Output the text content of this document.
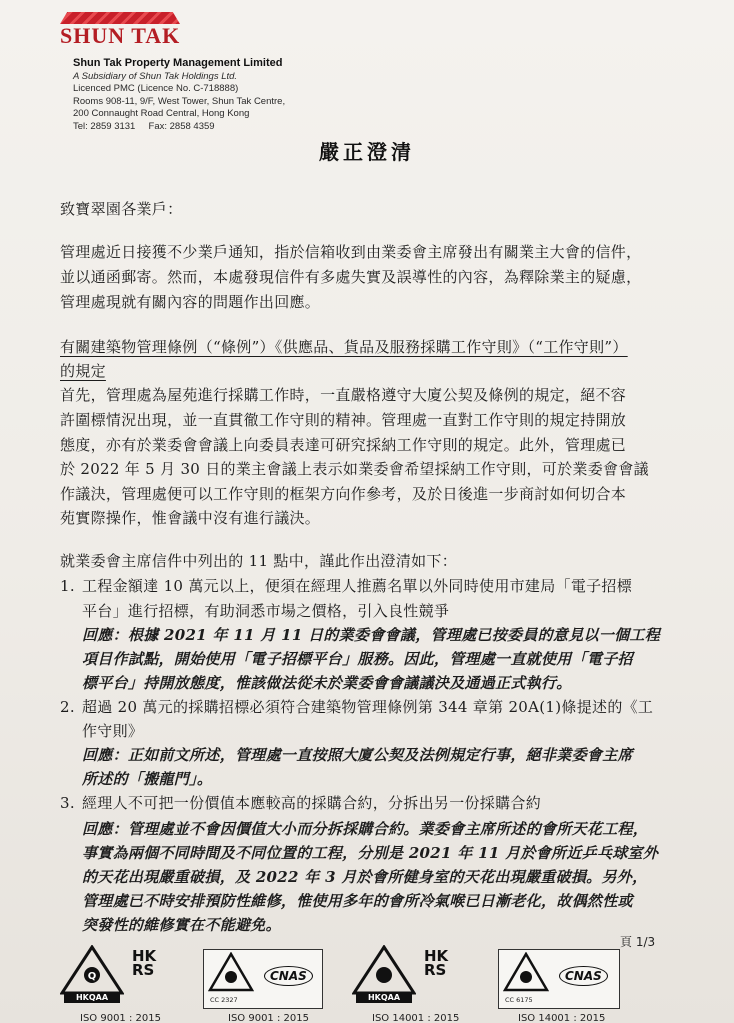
SHUN TAK
Shun Tak Property Management Limited
A Subsidiary of Shun Tak Holdings Ltd.
Licenced PMC (Licence No. C-718888)
Rooms 908-11, 9/F, West Tower, Shun Tak Centre,
200 Connaught Road Central, Hong Kong
Tel: 2859 3131     Fax: 2858 4359
嚴正澄清
致寶翠園各業戶：
管理處近日接獲不少業戶通知，指於信箱收到由業委會主席發出有關業主大會的信件，
並以通函郵寄。然而，本處發現信件有多處失實及誤導性的內容，為釋除業主的疑慮，
管理處現就有關內容的問題作出回應。
有關建築物管理條例（“條例”）《供應品、貨品及服務採購工作守則》（“工作守則”）
的規定
首先，管理處為屋苑進行採購工作時，一直嚴格遵守大廈公契及條例的規定，絕不容
許圍標情況出現，並一直貫徹工作守則的精神。管理處一直對工作守則的規定持開放
態度，亦有於業委會會議上向委員表達可研究採納工作守則的規定。此外，管理處已
於 2022 年 5 月 30 日的業主會議上表示如業委會希望採納工作守則，可於業委會會議
作議決，管理處便可以工作守則的框架方向作參考，及於日後進一步商討如何切合本
苑實際操作，惟會議中沒有進行議決。
就業委會主席信件中列出的 11 點中，謹此作出澄清如下：
1. 工程金額達 10 萬元以上，便須在經理人推薦名單以外同時使用市建局「電子招標
平台」進行招標，有助洞悉市場之價格，引入良性競爭
回應：根據 2021 年 11 月 11 日的業委會會議，管理處已按委員的意見以一個工程
項目作試點，開始使用「電子招標平台」服務。因此，管理處一直就使用「電子招
標平台」持開放態度，惟該做法從未於業委會會議議決及通過正式執行。
2. 超過 20 萬元的採購招標必須符合建築物管理條例第 344 章第 20A(1)條提述的《工
作守則》
回應：正如前文所述，管理處一直按照大廈公契及法例規定行事，絕非業委會主席
所述的「搬龍門」。
3. 經理人不可把一份價值本應較高的採購合約，分拆出另一份採購合約
回應：管理處並不會因價值大小而分拆採購合約。業委會主席所述的會所天花工程，
事實為兩個不同時間及不同位置的工程，分別是 2021 年 11 月於會所近乒乓球室外
的天花出現嚴重破損，及 2022 年 3 月於會所健身室的天花出現嚴重破損。另外，
管理處已不時安排預防性維修，惟使用多年的會所冷氣喉已日漸老化，故偶然性或
突發性的維修實在不能避免。
頁 1/3
Q
HKQAA
HK RS	CNAS
CC 2327	HKQAA
HK RS	CNAS
CC 6175
ISO 9001 : 2015	ISO 9001 : 2015	ISO 14001 : 2015	ISO 14001 : 2015
